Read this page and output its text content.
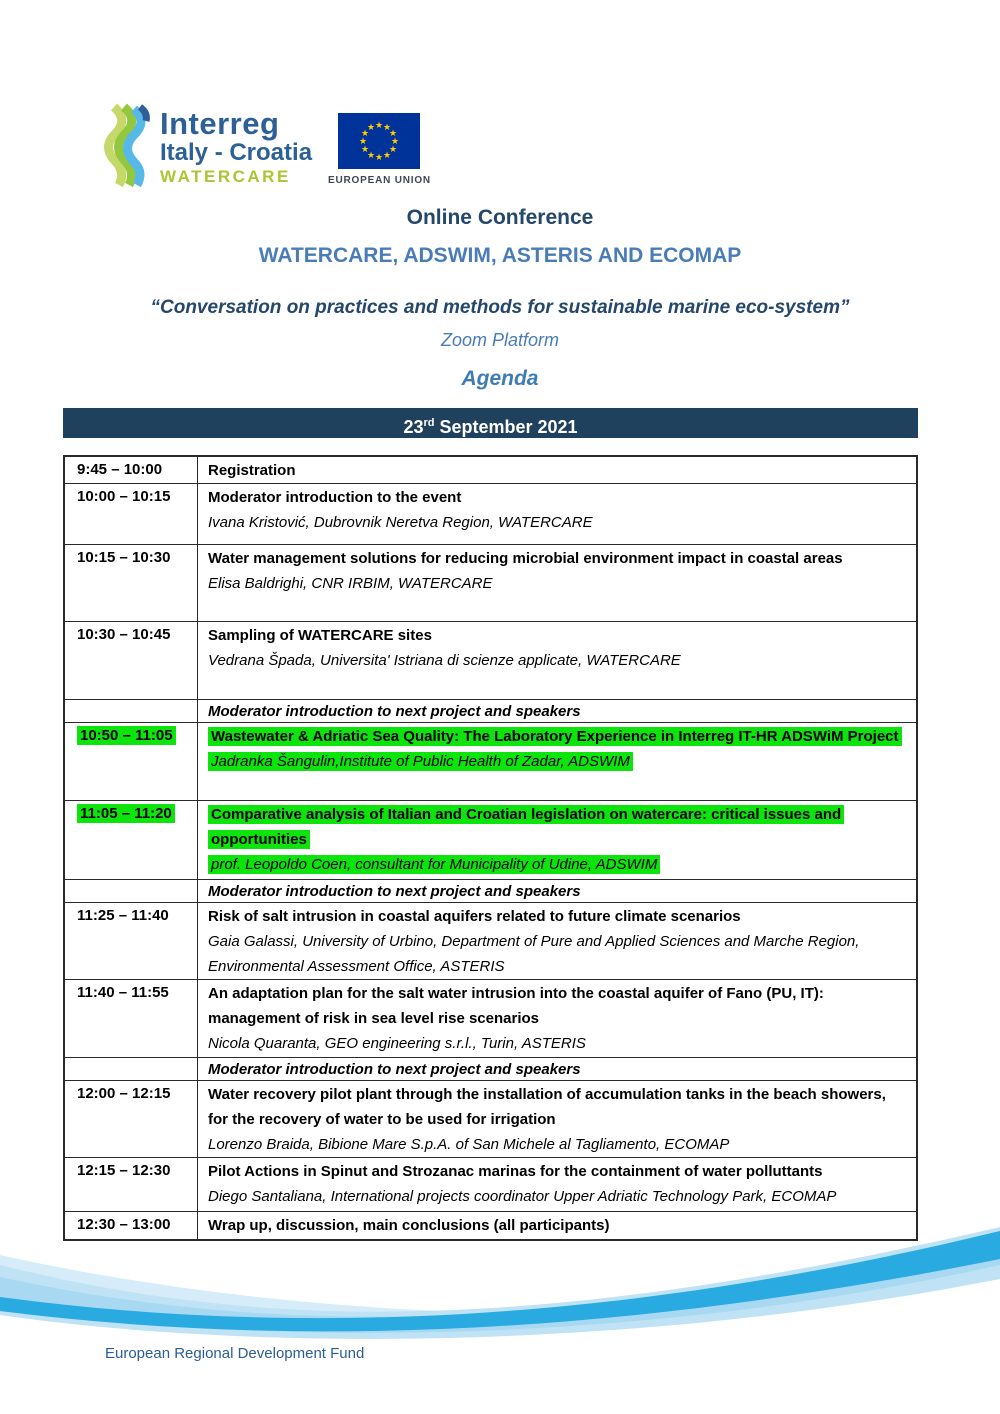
Interreg
Italy - Croatia
WATERCARE
★ ★
★
★
★
★
★
★
★
★
★
★
EUROPEAN UNION
Online Conference
WATERCARE, ADSWIM, ASTERIS AND ECOMAP
“Conversation on practices and methods for sustainable marine eco-system”
Zoom Platform
Agenda
23rd September 2021
9:45 – 10:00	Registration
10:00 – 10:15	Moderator introduction to the event
Ivana Kristović, Dubrovnik Neretva Region, WATERCARE
10:15 – 10:30	Water management solutions for reducing microbial environment impact in coastal areas
Elisa Baldrighi, CNR IRBIM, WATERCARE
10:30 – 10:45	Sampling of WATERCARE sites
Vedrana Špada, Universita' Istriana di scienze applicate, WATERCARE
Moderator introduction to next project and speakers
10:50 – 11:05	Wastewater & Adriatic Sea Quality: The Laboratory Experience in Interreg IT-HR ADSWiM Project
Jadranka Šangulin,Institute of Public Health of Zadar, ADSWIM
11:05 – 11:20	Comparative analysis of Italian and Croatian legislation on watercare: critical issues and opportunities
prof. Leopoldo Coen, consultant for Municipality of Udine, ADSWIM
Moderator introduction to next project and speakers
11:25 – 11:40	Risk of salt intrusion in coastal aquifers related to future climate scenarios
Gaia Galassi, University of Urbino, Department of Pure and Applied Sciences and Marche Region, Environmental Assessment Office, ASTERIS
11:40 – 11:55	An adaptation plan for the salt water intrusion into the coastal aquifer of Fano (PU, IT): management of risk in sea level rise scenarios
Nicola Quaranta, GEO engineering s.r.l., Turin, ASTERIS
Moderator introduction to next project and speakers
12:00 – 12:15	Water recovery pilot plant through the installation of accumulation tanks in the beach showers, for the recovery of water to be used for irrigation
Lorenzo Braida, Bibione Mare S.p.A. of San Michele al Tagliamento, ECOMAP
12:15 – 12:30	Pilot Actions in Spinut and Strozanac marinas for the containment of water polluttants
Diego Santaliana, International projects coordinator Upper Adriatic Technology Park, ECOMAP
12:30 – 13:00	Wrap up, discussion, main conclusions (all participants)
European Regional Development Fund
